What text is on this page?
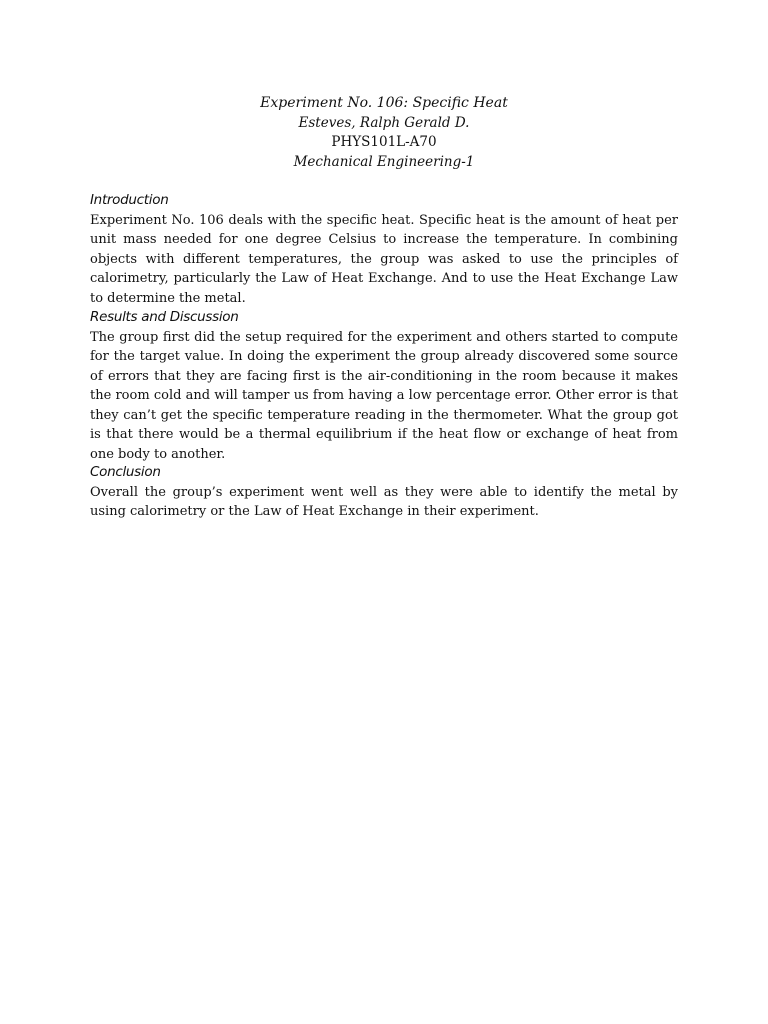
Experiment No. 106: Specific Heat
Esteves, Ralph Gerald D.
PHYS101L-A70
Mechanical Engineering-1
Introduction

Experiment No. 106 deals with the specific heat. Specific heat is the amount of heat per unit mass needed for one degree Celsius to increase the temperature. In combining objects with different temperatures, the group was asked to use the principles of calorimetry, particularly the Law of Heat Exchange. And to use the Heat Exchange Law to determine the metal.

Results and Discussion

The group first did the setup required for the experiment and others started to compute for the target value. In doing the experiment the group already discovered some source of errors that they are facing first is the air-conditioning in the room because it makes the room cold and will tamper us from having a low percentage error. Other error is that they can’t get the specific temperature reading in the thermometer. What the group got is that there would be a thermal equilibrium if the heat flow or exchange of heat from one body to another.

Conclusion

Overall the group’s experiment went well as they were able to identify the metal by using calorimetry or the Law of Heat Exchange in their experiment.
